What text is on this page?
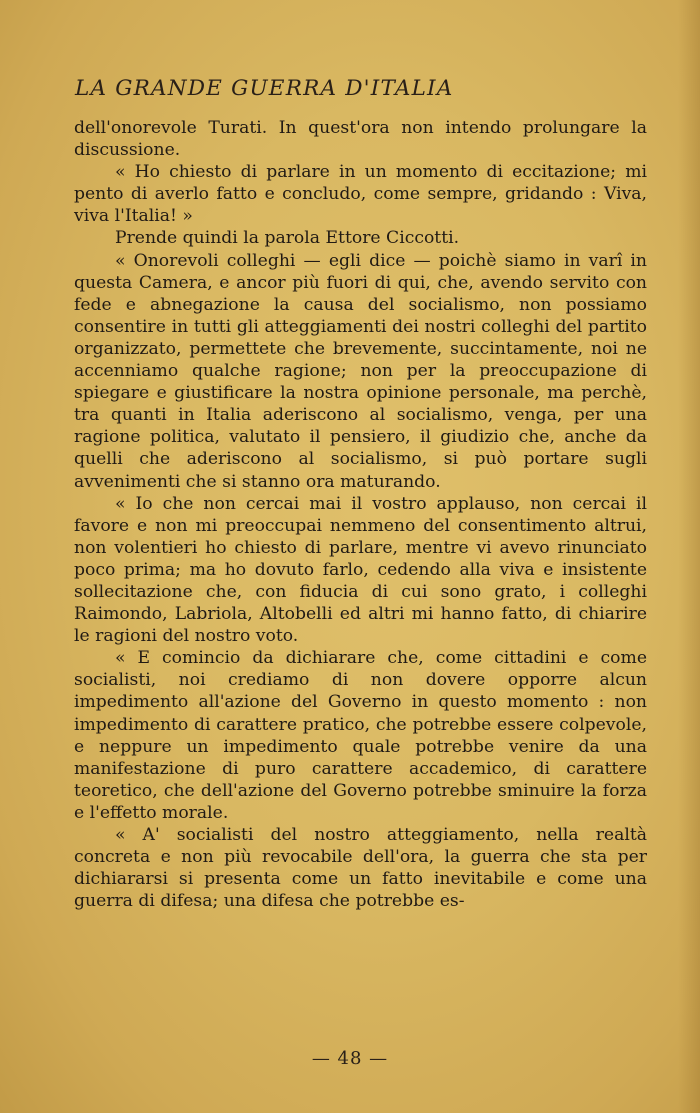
LA GRANDE GUERRA D'ITALIA

dell'onorevole Turati. In quest'ora non intendo prolungare la discussione.

« Ho chiesto di parlare in un momento di eccitazione; mi pento di averlo fatto e concludo, come sempre, gridando : Viva, viva l'Italia! »

Prende quindi la parola Ettore Ciccotti.

« Onorevoli colleghi — egli dice — poichè siamo in varî in questa Camera, e ancor più fuori di qui, che, avendo servito con fede e abnegazione la causa del socialismo, non possiamo consentire in tutti gli atteggiamenti dei nostri colleghi del partito organizzato, permettete che brevemente, succintamente, noi ne accenniamo qualche ragione; non per la preoccupazione di spiegare e giustificare la nostra opinione personale, ma perchè, tra quanti in Italia aderiscono al socialismo, venga, per una ragione politica, valutato il pensiero, il giudizio che, anche da quelli che aderiscono al socialismo, si può portare sugli avvenimenti che si stanno ora maturando.

« Io che non cercai mai il vostro applauso, non cercai il favore e non mi preoccupai nemmeno del consentimento altrui, non volentieri ho chiesto di parlare, mentre vi avevo rinunciato poco prima; ma ho dovuto farlo, cedendo alla viva e insistente sollecitazione che, con fiducia di cui sono grato, i colleghi Raimondo, Labriola, Altobelli ed altri mi hanno fatto, di chiarire le ragioni del nostro voto.

« E comincio da dichiarare che, come cittadini e come socialisti, noi crediamo di non dovere opporre alcun impedimento all'azione del Governo in questo momento : non impedimento di carattere pratico, che potrebbe essere colpevole, e neppure un impedimento quale potrebbe venire da una manifestazione di puro carattere accademico, di carattere teoretico, che dell'azione del Governo potrebbe sminuire la forza e l'effetto morale.

« A' socialisti del nostro atteggiamento, nella realtà concreta e non più revocabile dell'ora, la guerra che sta per dichiararsi si presenta come un fatto inevitabile e come una guerra di difesa; una difesa che potrebbe es-

— 48 —
